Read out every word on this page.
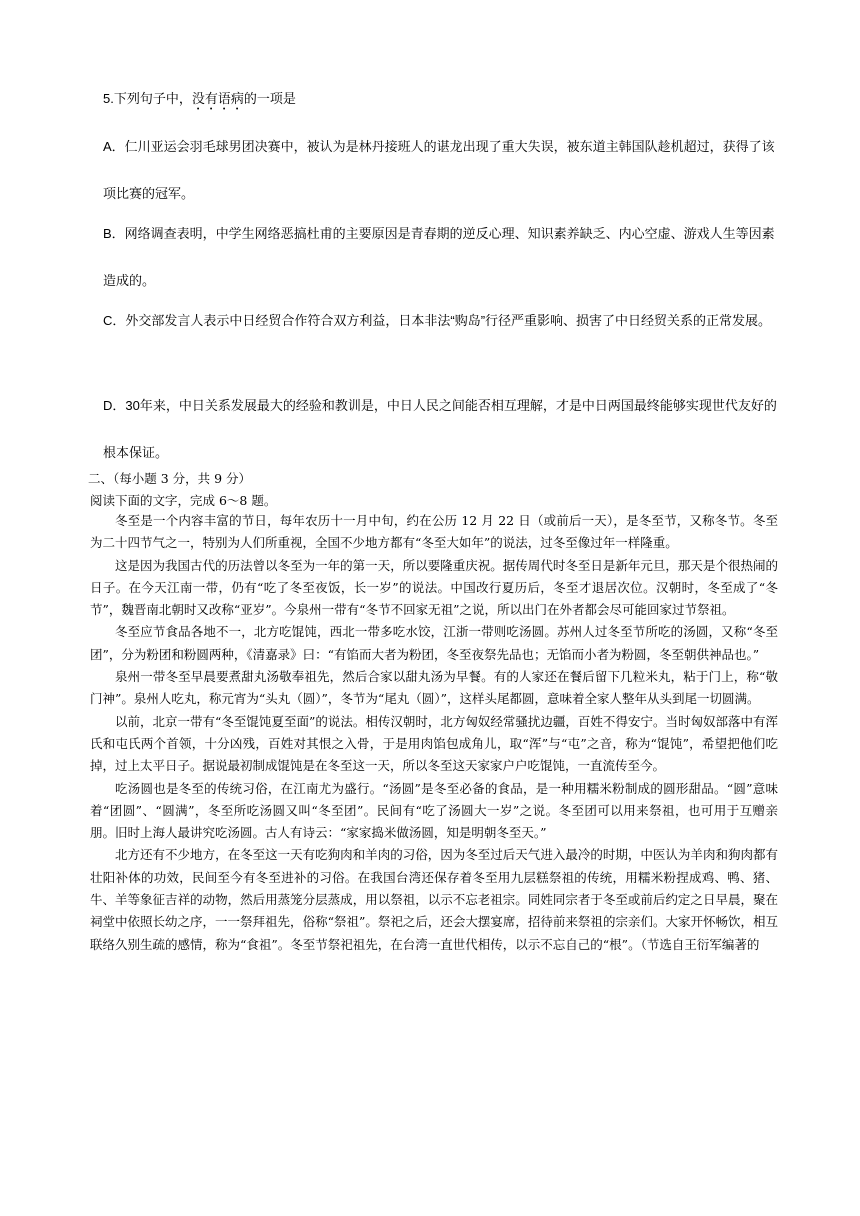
5.下列句子中，没有语病的一项是
A．仁川亚运会羽毛球男团决赛中，被认为是林丹接班人的谌龙出现了重大失误，被东道主韩国队趁机超过，获得了该项比赛的冠军。
B．网络调查表明，中学生网络恶搞杜甫的主要原因是青春期的逆反心理、知识素养缺乏、内心空虚、游戏人生等因素造成的。
C．外交部发言人表示中日经贸合作符合双方利益，日本非法“购岛”行径严重影响、损害了中日经贸关系的正常发展。
D．30年来，中日关系发展最大的经验和教训是，中日人民之间能否相互理解，才是中日两国最终能够实现世代友好的根本保证。
二、（每小题 3 分，共 9 分）
阅读下面的文字，完成 6～8 题。

冬至是一个内容丰富的节日，每年农历十一月中旬，约在公历 12 月 22 日（或前后一天），是冬至节，又称冬节。冬至为二十四节气之一，特别为人们所重视，全国不少地方都有“冬至大如年”的说法，过冬至像过年一样隆重。

这是因为我国古代的历法曾以冬至为一年的第一天，所以要隆重庆祝。据传周代时冬至日是新年元旦，那天是个很热闹的日子。在今天江南一带，仍有“吃了冬至夜饭，长一岁”的说法。中国改行夏历后，冬至才退居次位。汉朝时，冬至成了“冬节”，魏晋南北朝时又改称“亚岁”。今泉州一带有“冬节不回家无祖”之说，所以出门在外者都会尽可能回家过节祭祖。

冬至应节食品各地不一，北方吃馄饨，西北一带多吃水饺，江浙一带则吃汤圆。苏州人过冬至节所吃的汤圆，又称“冬至团”，分为粉团和粉圆两种，《清嘉录》曰：“有馅而大者为粉团，冬至夜祭先品也；无馅而小者为粉圆，冬至朝供神品也。”

泉州一带冬至早晨要煮甜丸汤敬奉祖先，然后合家以甜丸汤为早餐。有的人家还在餐后留下几粒米丸，粘于门上，称“敬门神”。泉州人吃丸，称元宵为“头丸（圆）”，冬节为“尾丸（圆）”，这样头尾都圆，意味着全家人整年从头到尾一切圆满。

以前，北京一带有“冬至馄饨夏至面”的说法。相传汉朝时，北方匈奴经常骚扰边疆，百姓不得安宁。当时匈奴部落中有浑氏和屯氏两个首领，十分凶残，百姓对其恨之入骨，于是用肉馅包成角儿，取“浑”与“屯”之音，称为“馄饨”，希望把他们吃掉，过上太平日子。据说最初制成馄饨是在冬至这一天，所以冬至这天家家户户吃馄饨，一直流传至今。

吃汤圆也是冬至的传统习俗，在江南尤为盛行。“汤圆”是冬至必备的食品，是一种用糯米粉制成的圆形甜品。“圆”意味着“团圆”、“圆满”，冬至所吃汤圆又叫“冬至团”。民间有“吃了汤圆大一岁”之说。冬至团可以用来祭祖，也可用于互赠亲朋。旧时上海人最讲究吃汤圆。古人有诗云：“家家捣米做汤圆，知是明朝冬至天。”

北方还有不少地方，在冬至这一天有吃狗肉和羊肉的习俗，因为冬至过后天气进入最冷的时期，中医认为羊肉和狗肉都有壮阳补体的功效，民间至今有冬至进补的习俗。在我国台湾还保存着冬至用九层糕祭祖的传统，用糯米粉捏成鸡、鸭、猪、牛、羊等象征吉祥的动物，然后用蒸笼分层蒸成，用以祭祖，以示不忘老祖宗。同姓同宗者于冬至或前后约定之日早晨，聚在祠堂中依照长幼之序，一一祭拜祖先，俗称“祭祖”。祭祀之后，还会大摆宴席，招待前来祭祖的宗亲们。大家开怀畅饮，相互联络久别生疏的感情，称为“食祖”。冬至节祭祀祖先，在台湾一直世代相传，以示不忘自己的“根”。（节选自王衍军编著的
